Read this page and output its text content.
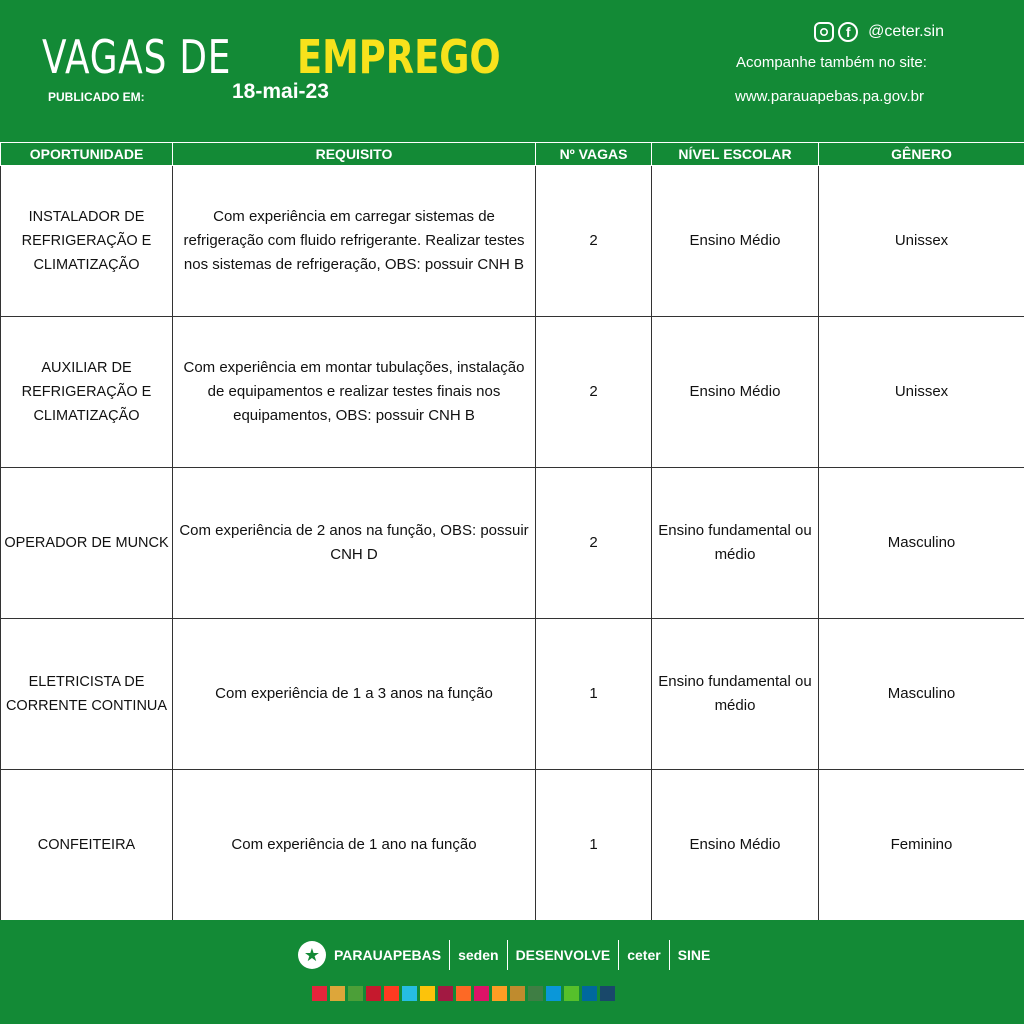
VAGAS DE EMPREGO
PUBLICADO EM:	18-mai-23
f	@ceter.sin
Acompanhe também no site:
www.parauapebas.pa.gov.br
OPORTUNIDADE	REQUISITO	Nº VAGAS	NÍVEL ESCOLAR	GÊNERO
INSTALADOR DE REFRIGERAÇÃO E CLIMATIZAÇÃO	Com experiência em carregar sistemas de refrigeração com fluido refrigerante. Realizar testes nos sistemas de refrigeração, OBS: possuir CNH B	2	Ensino Médio	Unissex
AUXILIAR DE REFRIGERAÇÃO E CLIMATIZAÇÃO	Com experiência em montar tubulações, instalação de equipamentos e realizar testes finais nos equipamentos, OBS: possuir CNH B	2	Ensino Médio	Unissex
OPERADOR DE MUNCK	Com experiência de 2 anos na função, OBS: possuir CNH D	2	Ensino fundamental ou médio	Masculino
ELETRICISTA DE CORRENTE CONTINUA	Com experiência de 1 a 3 anos na função	1	Ensino fundamental ou médio	Masculino
CONFEITEIRA	Com experiência de 1 ano na função	1	Ensino Médio	Feminino
★ PARAUAPEBAS seden DESENVOLVE ceter SINE
